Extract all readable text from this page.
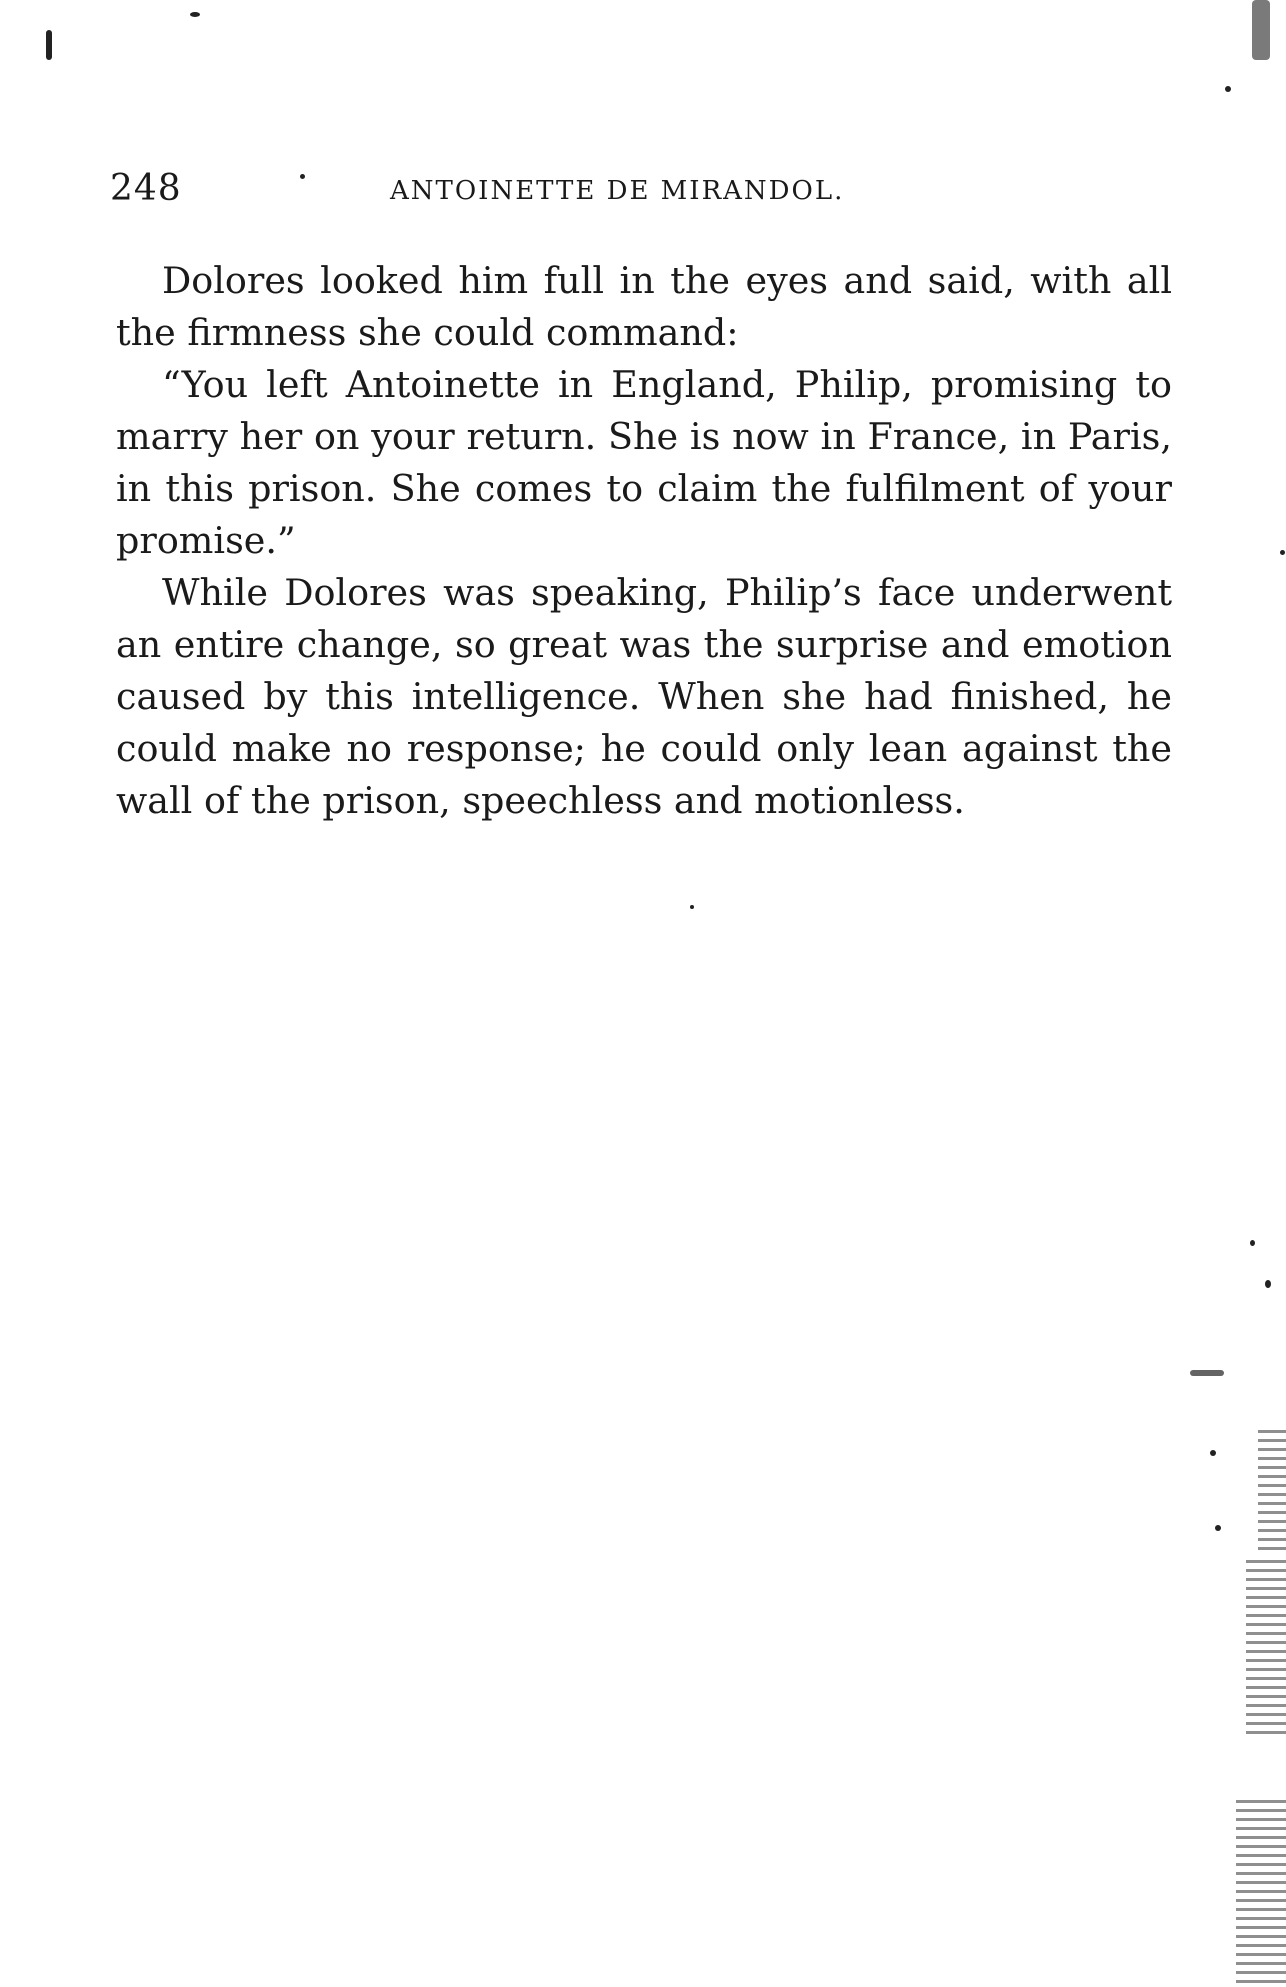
248	ANTOINETTE DE MIRANDOL.

Dolores looked him full in the eyes and said, with all the firmness she could command:

“You left Antoinette in England, Philip, promising to marry her on your return. She is now in France, in Paris, in this prison. She comes to claim the fulfilment of your promise.”

While Dolores was speaking, Philip’s face underwent an entire change, so great was the surprise and emotion caused by this intelligence. When she had finished, he could make no response; he could only lean against the wall of the prison, speechless and motionless.
